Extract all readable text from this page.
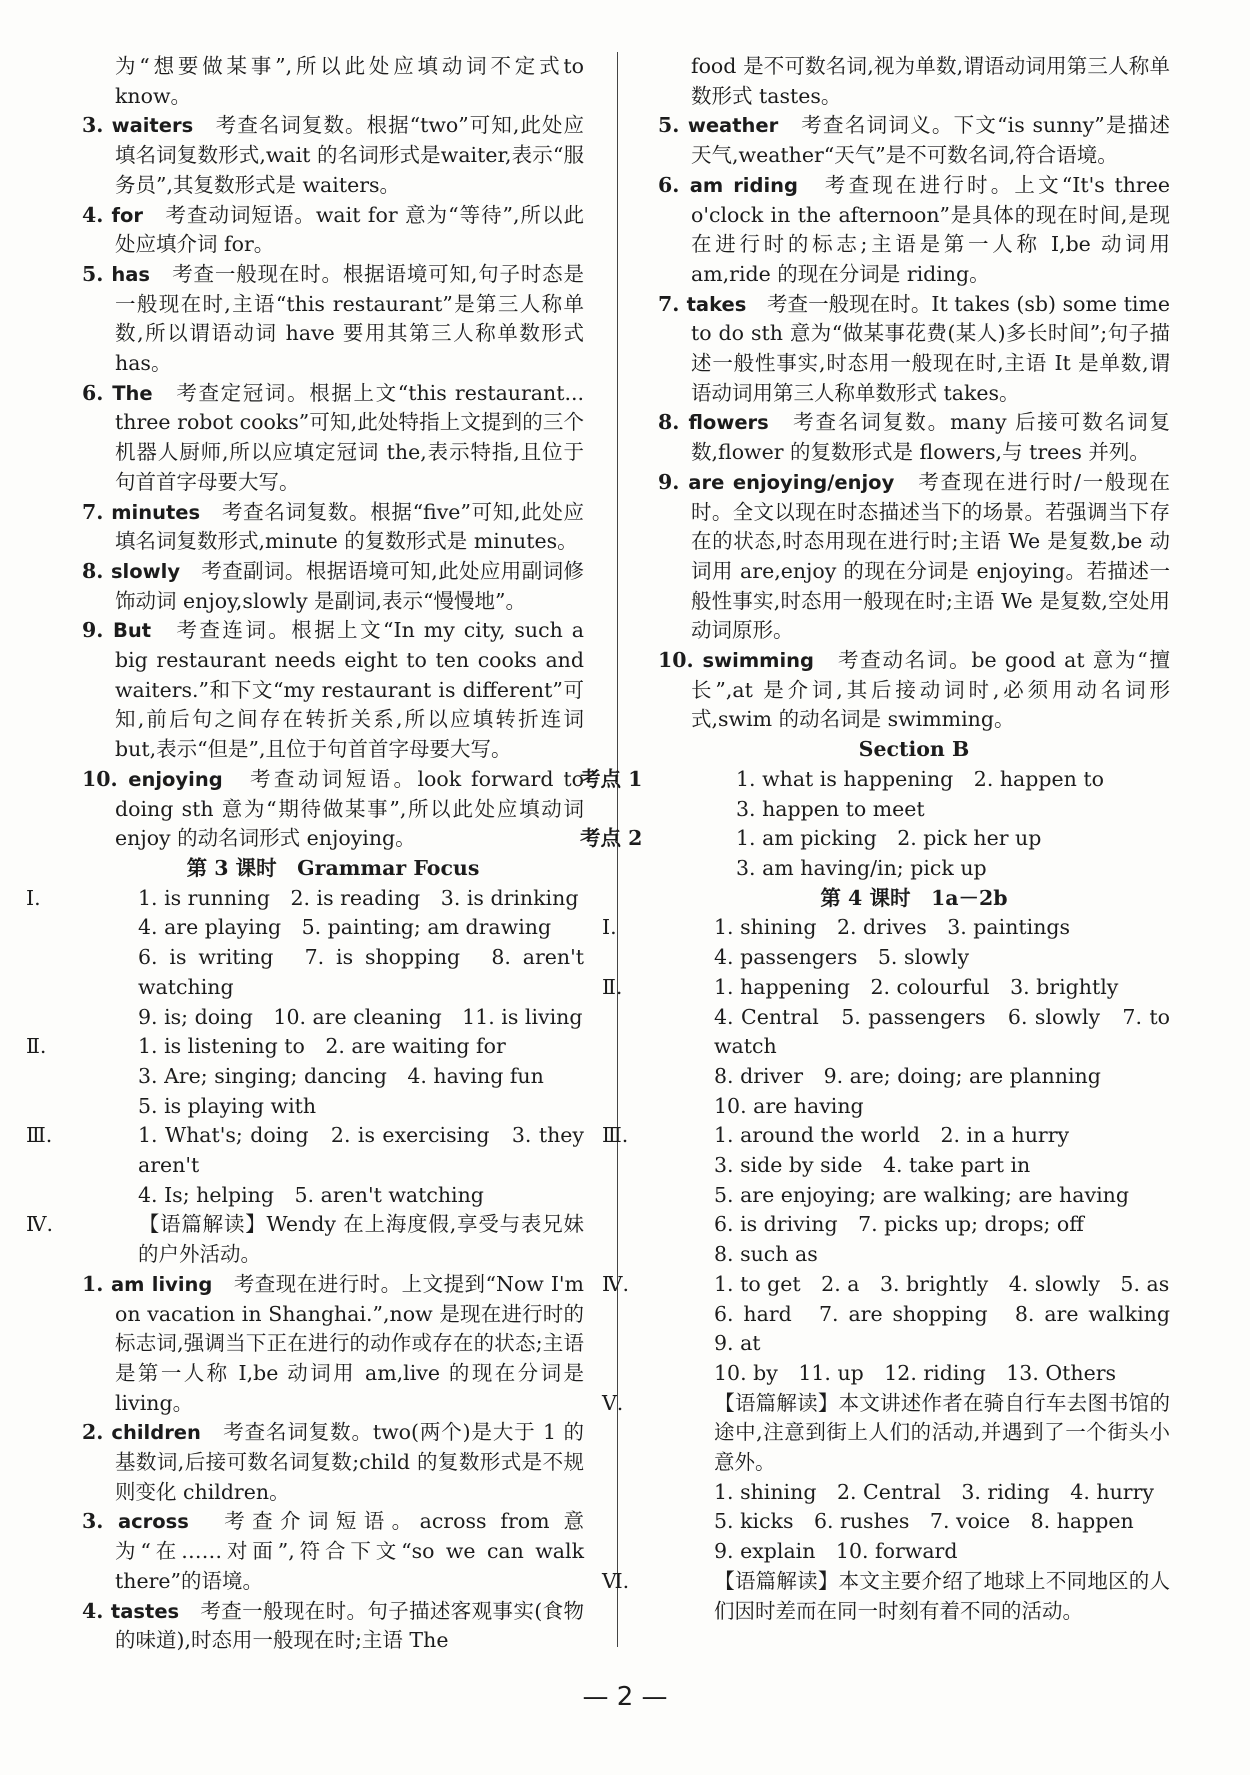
为“想要做某事”,所以此处应填动词不定式to know。

3. waiters　 考查名词复数。根据“two”可知,此处应填名词复数形式,wait 的名词形式是waiter,表示“服务员”,其复数形式是 waiters。

4. for　 考查动词短语。wait for 意为“等待”,所以此处应填介词 for。

5. has　 考查一般现在时。根据语境可知,句子时态是一般现在时,主语“this restaurant”是第三人称单数,所以谓语动词 have 要用其第三人称单数形式 has。

6. The　 考查定冠词。根据上文“this restaurant... three robot cooks”可知,此处特指上文提到的三个机器人厨师,所以应填定冠词 the,表示特指,且位于句首首字母要大写。

7. minutes　 考查名词复数。根据“five”可知,此处应填名词复数形式,minute 的复数形式是 minutes。

8. slowly　 考查副词。根据语境可知,此处应用副词修饰动词 enjoy,slowly 是副词,表示“慢慢地”。

9. But　 考查连词。根据上文“In my city, such a big restaurant needs eight to ten cooks and waiters.”和下文“my restaurant is different”可知,前后句之间存在转折关系,所以应填转折连词 but,表示“但是”,且位于句首首字母要大写。

10. enjoying　 考查动词短语。look forward to doing sth 意为“期待做某事”,所以此处应填动词 enjoy 的动名词形式 enjoying。

第 3 课时　Grammar Focus

Ⅰ.	1. is running　2. is reading　3. is drinking

4. are playing　5. painting; am drawing

6. is writing　7. is shopping　8. aren't watching

9. is; doing　10. are cleaning　11. is living

Ⅱ.	1. is listening to　2. are waiting for

3. Are; singing; dancing　4. having fun

5. is playing with

Ⅲ.	1. What's; doing　2. is exercising　3. they aren't

4. Is; helping　5. aren't watching

Ⅳ.	【语篇解读】Wendy 在上海度假,享受与表兄妹的户外活动。

1. am living　 考查现在进行时。上文提到“Now I'm on vacation in Shanghai.”,now 是现在进行时的标志词,强调当下正在进行的动作或存在的状态;主语是第一人称 I,be 动词用 am,live 的现在分词是 living。

2. children　 考查名词复数。two(两个)是大于 1 的基数词,后接可数名词复数;child 的复数形式是不规则变化 children。

3. across　 考查介词短语。across from 意为“在……对面”,符合下文“so we can walk there”的语境。

4. tastes　 考查一般现在时。句子描述客观事实(食物的味道),时态用一般现在时;主语 The

food 是不可数名词,视为单数,谓语动词用第三人称单数形式 tastes。

5. weather　 考查名词词义。下文“is sunny”是描述天气,weather“天气”是不可数名词,符合语境。

6. am riding　 考查现在进行时。上文“It's three o'clock in the afternoon”是具体的现在时间,是现在进行时的标志;主语是第一人称 I,be 动词用 am,ride 的现在分词是 riding。

7. takes　 考查一般现在时。It takes (sb) some time to do sth 意为“做某事花费(某人)多长时间”;句子描述一般性事实,时态用一般现在时,主语 It 是单数,谓语动词用第三人称单数形式 takes。

8. flowers　 考查名词复数。many 后接可数名词复数,flower 的复数形式是 flowers,与 trees 并列。

9. are enjoying/enjoy　 考查现在进行时/一般现在时。全文以现在时态描述当下的场景。若强调当下存在的状态,时态用现在进行时;主语 We 是复数,be 动词用 are,enjoy 的现在分词是 enjoying。若描述一般性事实,时态用一般现在时;主语 We 是复数,空处用动词原形。

10. swimming　 考查动名词。be good at 意为“擅长”,at 是介词,其后接动词时,必须用动名词形式,swim 的动名词是 swimming。

Section B

考点 1	1. what is happening　2. happen to

3. happen to meet

考点 2	1. am picking　2. pick her up

3. am having/in; pick up

第 4 课时　1a－2b

Ⅰ.	1. shining　2. drives　3. paintings

4. passengers　5. slowly

Ⅱ.	1. happening　2. colourful　3. brightly

4. Central　5. passengers　6. slowly　7. to watch

8. driver　9. are; doing; are planning

10. are having

Ⅲ.	1. around the world　2. in a hurry

3. side by side　4. take part in

5. are enjoying; are walking; are having

6. is driving　7. picks up; drops; off

8. such as

Ⅳ.	1. to get　2. a　3. brightly　4. slowly　5. as

6. hard　7. are shopping　8. are walking　9. at

10. by　11. up　12. riding　13. Others

Ⅴ.	【语篇解读】本文讲述作者在骑自行车去图书馆的途中,注意到街上人们的活动,并遇到了一个街头小意外。

1. shining　2. Central　3. riding　4. hurry

5. kicks　6. rushes　7. voice　8. happen

9. explain　10. forward

Ⅵ.	【语篇解读】本文主要介绍了地球上不同地区的人们因时差而在同一时刻有着不同的活动。

— 2 —
